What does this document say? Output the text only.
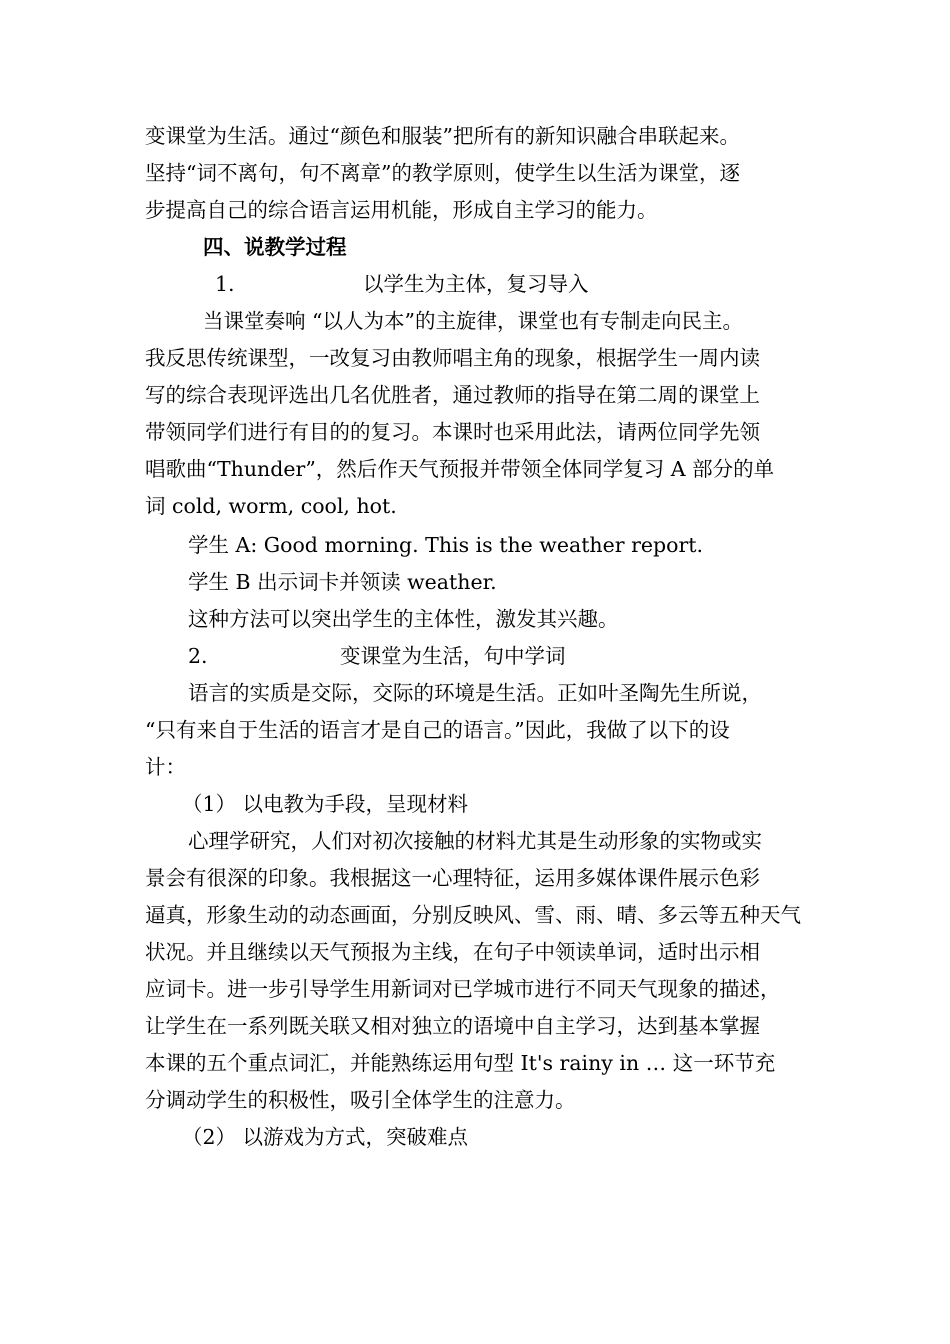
变课堂为生活。通过“颜色和服装”把所有的新知识融合串联起来。
坚持“词不离句，句不离章”的教学原则，使学生以生活为课堂，逐
步提高自己的综合语言运用机能，形成自主学习的能力。
四、说教学过程
1.	以学生为主体，复习导入
当课堂奏响 “以人为本”的主旋律，课堂也有专制走向民主。
我反思传统课型，一改复习由教师唱主角的现象，根据学生一周内读
写的综合表现评选出几名优胜者，通过教师的指导在第二周的课堂上
带领同学们进行有目的的复习。本课时也采用此法，请两位同学先领
唱歌曲“Thunder”，然后作天气预报并带领全体同学复习 A 部分的单
词 cold, worm, cool, hot.
学生 A: Good morning. This is the weather report.
学生 B 出示词卡并领读 weather.
这种方法可以突出学生的主体性，激发其兴趣。
2.	变课堂为生活，句中学词
语言的实质是交际，交际的环境是生活。正如叶圣陶先生所说，
“只有来自于生活的语言才是自己的语言。”因此，我做了以下的设
计：
（1） 以电教为手段，呈现材料
心理学研究，人们对初次接触的材料尤其是生动形象的实物或实
景会有很深的印象。我根据这一心理特征，运用多媒体课件展示色彩
逼真，形象生动的动态画面，分别反映风、雪、雨、晴、多云等五种天气
状况。并且继续以天气预报为主线，在句子中领读单词，适时出示相
应词卡。进一步引导学生用新词对已学城市进行不同天气现象的描述，
让学生在一系列既关联又相对独立的语境中自主学习，达到基本掌握
本课的五个重点词汇，并能熟练运用句型 It's rainy in … 这一环节充
分调动学生的积极性，吸引全体学生的注意力。
（2） 以游戏为方式，突破难点
